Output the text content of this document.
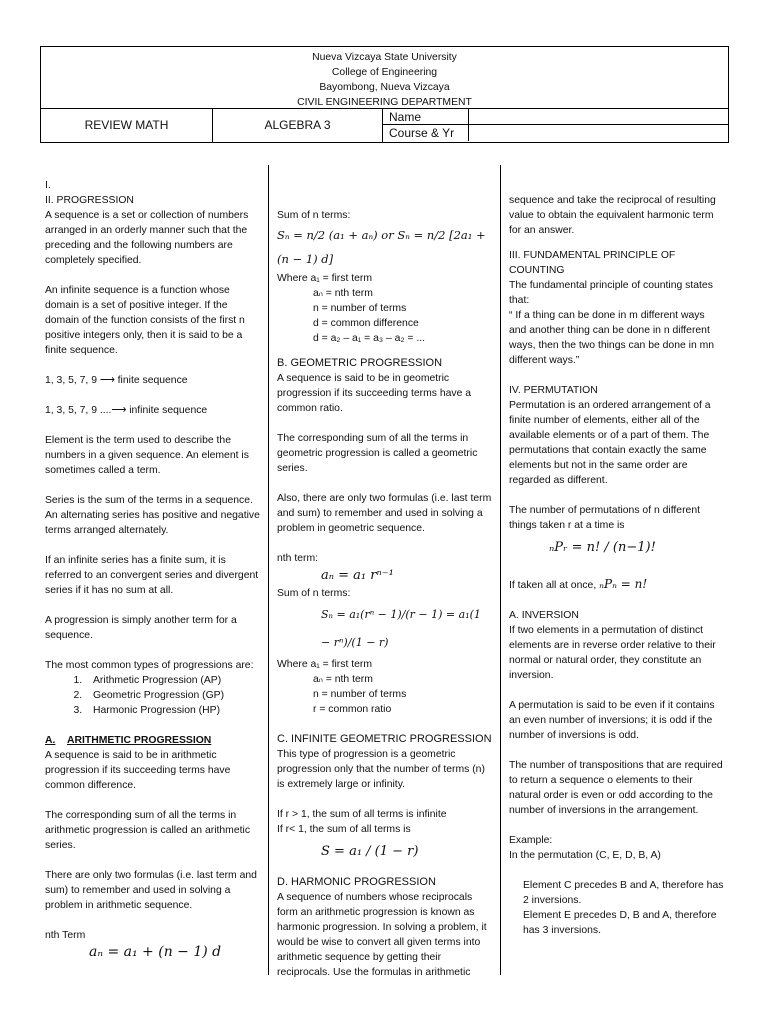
Nueva Vizcaya State University
College of Engineering
Bayombong, Nueva Vizcaya
CIVIL ENGINEERING DEPARTMENT
REVIEW MATH	ALGEBRA 3
Name
Course & Yr

I.

II. PROGRESSION

A sequence is a set or collection of numbers arranged in an orderly manner such that the preceding and the following numbers are completely specified.

An infinite sequence is a function whose domain is a set of positive integer. If the domain of the function consists of the first n positive integers only, then it is said to be a finite sequence.

1, 3, 5, 7, 9 ⟶ finite sequence

1, 3, 5, 7, 9 ....⟶ infinite sequence

Element is the term used to describe the numbers in a given sequence. An element is sometimes called a term.

Series is the sum of the terms in a sequence. An alternating series has positive and negative terms arranged alternately.

If an infinite series has a finite sum, it is referred to an convergent series and divergent series if it has no sum at all.

A progression is simply another term for a sequence.

The most common types of progressions are:

1. Arithmetic Progression (AP)
2. Geometric Progression (GP)
3. Harmonic Progression (HP)

A. ARITHMETIC PROGRESSION

A sequence is said to be in arithmetic progression if its succeeding terms have common difference.

The corresponding sum of all the terms in arithmetic progression is called an arithmetic series.

There are only two formulas (i.e. last term and sum) to remember and used in solving a problem in arithmetic sequence.

nth Term

aₙ = a₁ + (n − 1) d

Sum of n terms:

Sₙ = n/2 (a₁ + aₙ) or Sₙ = n/2 [2a₁ + (n − 1) d]

Where a₁ = first term

aₙ = nth term

n = number of terms

d = common difference

d = a₂ – a₁ = a₃ – a₂ = ...

B. GEOMETRIC PROGRESSION

A sequence is said to be in geometric progression if its succeeding terms have a common ratio.

The corresponding sum of all the terms in geometric progression is called a geometric series.

Also, there are only two formulas (i.e. last term and sum) to remember and used in solving a problem in geometric sequence.

nth term:

aₙ = a₁ rⁿ⁻¹

Sum of n terms:

Sₙ = a₁(rⁿ − 1)/(r − 1) = a₁(1 − rⁿ)/(1 − r)

Where a₁ = first term

aₙ = nth term

n = number of terms

r = common ratio

C. INFINITE GEOMETRIC PROGRESSION

This type of progression is a geometric progression only that the number of terms (n) is extremely large or infinity.

If r > 1, the sum of all terms is infinite

If r< 1, the sum of all terms is

S = a₁ / (1 − r)

D. HARMONIC PROGRESSION

A sequence of numbers whose reciprocals form an arithmetic progression is known as harmonic progression. In solving a problem, it would be wise to convert all given terms into arithmetic sequence by getting their reciprocals. Use the formulas in arithmetic

sequence and take the reciprocal of resulting value to obtain the equivalent harmonic term for an answer.

III. FUNDAMENTAL PRINCIPLE OF COUNTING

The fundamental principle of counting states that:

“ If a thing can be done in m different ways and another thing can be done in n different ways, then the two things can be done in mn different ways.”

IV. PERMUTATION

Permutation is an ordered arrangement of a finite number of elements, either all of the available elements or of a part of them. The permutations that contain exactly the same elements but not in the same order are regarded as different.

The number of permutations of n different things taken r at a time is

ₙPᵣ = n! / (n−1)!

If taken all at once, ₙPₙ = n!

A. INVERSION

If two elements in a permutation of distinct elements are in reverse order relative to their normal or natural order, they constitute an inversion.

A permutation is said to be even if it contains an even number of inversions; it is odd if the number of inversions is odd.

The number of transpositions that are required to return a sequence o elements to their natural order is even or odd according to the number of inversions in the arrangement.

Example:

In the permutation (C, E, D, B, A)

Element C precedes B and A, therefore has 2 inversions.

Element E precedes D, B and A, therefore has 3 inversions.
